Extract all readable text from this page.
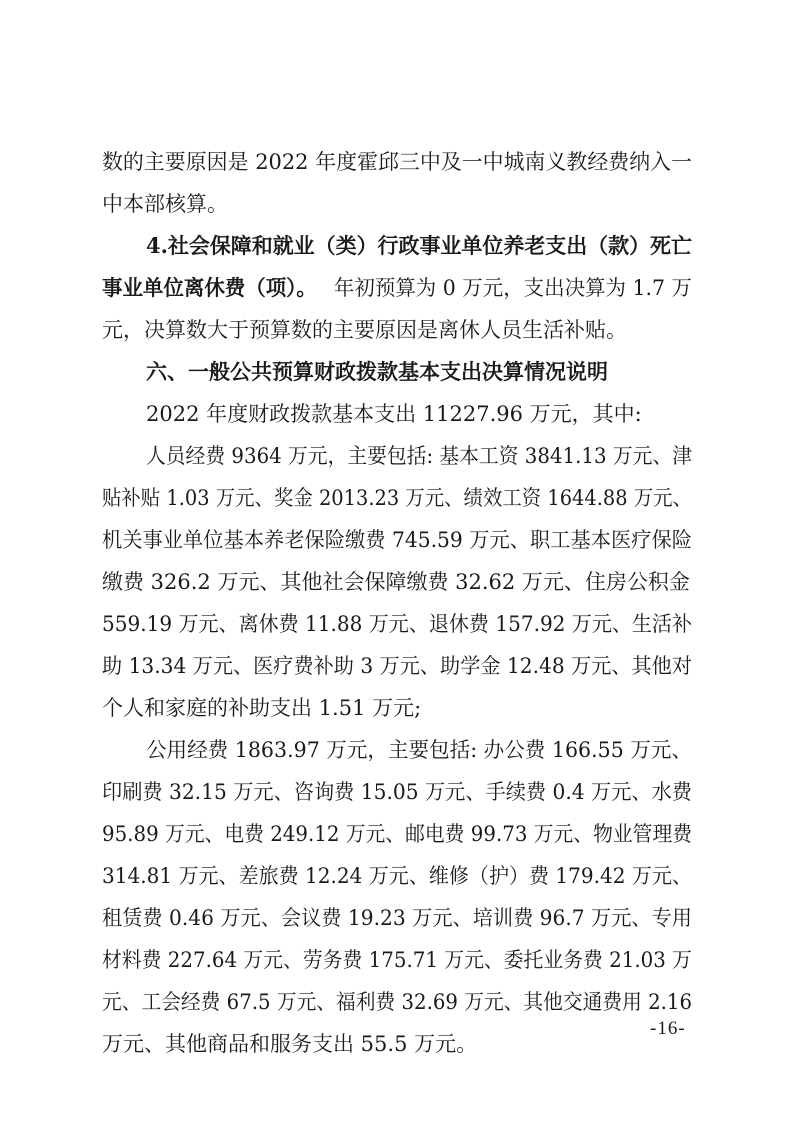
数的主要原因是 2022 年度霍邱三中及一中城南义教经费纳入一
中本部核算。
4.社会保障和就业（类）行政事业单位养老支出（款）死亡
事业单位离休费（项）。 年初预算为 0 万元，支出决算为 1.7 万
元，决算数大于预算数的主要原因是离休人员生活补贴。
六、一般公共预算财政拨款基本支出决算情况说明
2022 年度财政拨款基本支出 11227.96 万元，其中:
人员经费 9364 万元，主要包括: 基本工资 3841.13 万元、津
贴补贴 1.03 万元、奖金 2013.23 万元、绩效工资 1644.88 万元、
机关事业单位基本养老保险缴费 745.59 万元、职工基本医疗保险
缴费 326.2 万元、其他社会保障缴费 32.62 万元、住房公积金
559.19 万元、离休费 11.88 万元、退休费 157.92 万元、生活补
助 13.34 万元、医疗费补助 3 万元、助学金 12.48 万元、其他对
个人和家庭的补助支出 1.51 万元;
公用经费 1863.97 万元，主要包括: 办公费 166.55 万元、
印刷费 32.15 万元、咨询费 15.05 万元、手续费 0.4 万元、水费
95.89 万元、电费 249.12 万元、邮电费 99.73 万元、物业管理费
314.81 万元、差旅费 12.24 万元、维修（护）费 179.42 万元、
租赁费 0.46 万元、会议费 19.23 万元、培训费 96.7 万元、专用
材料费 227.64 万元、劳务费 175.71 万元、委托业务费 21.03 万
元、工会经费 67.5 万元、福利费 32.69 万元、其他交通费用 2.16
万元、其他商品和服务支出 55.5 万元。
-16-
